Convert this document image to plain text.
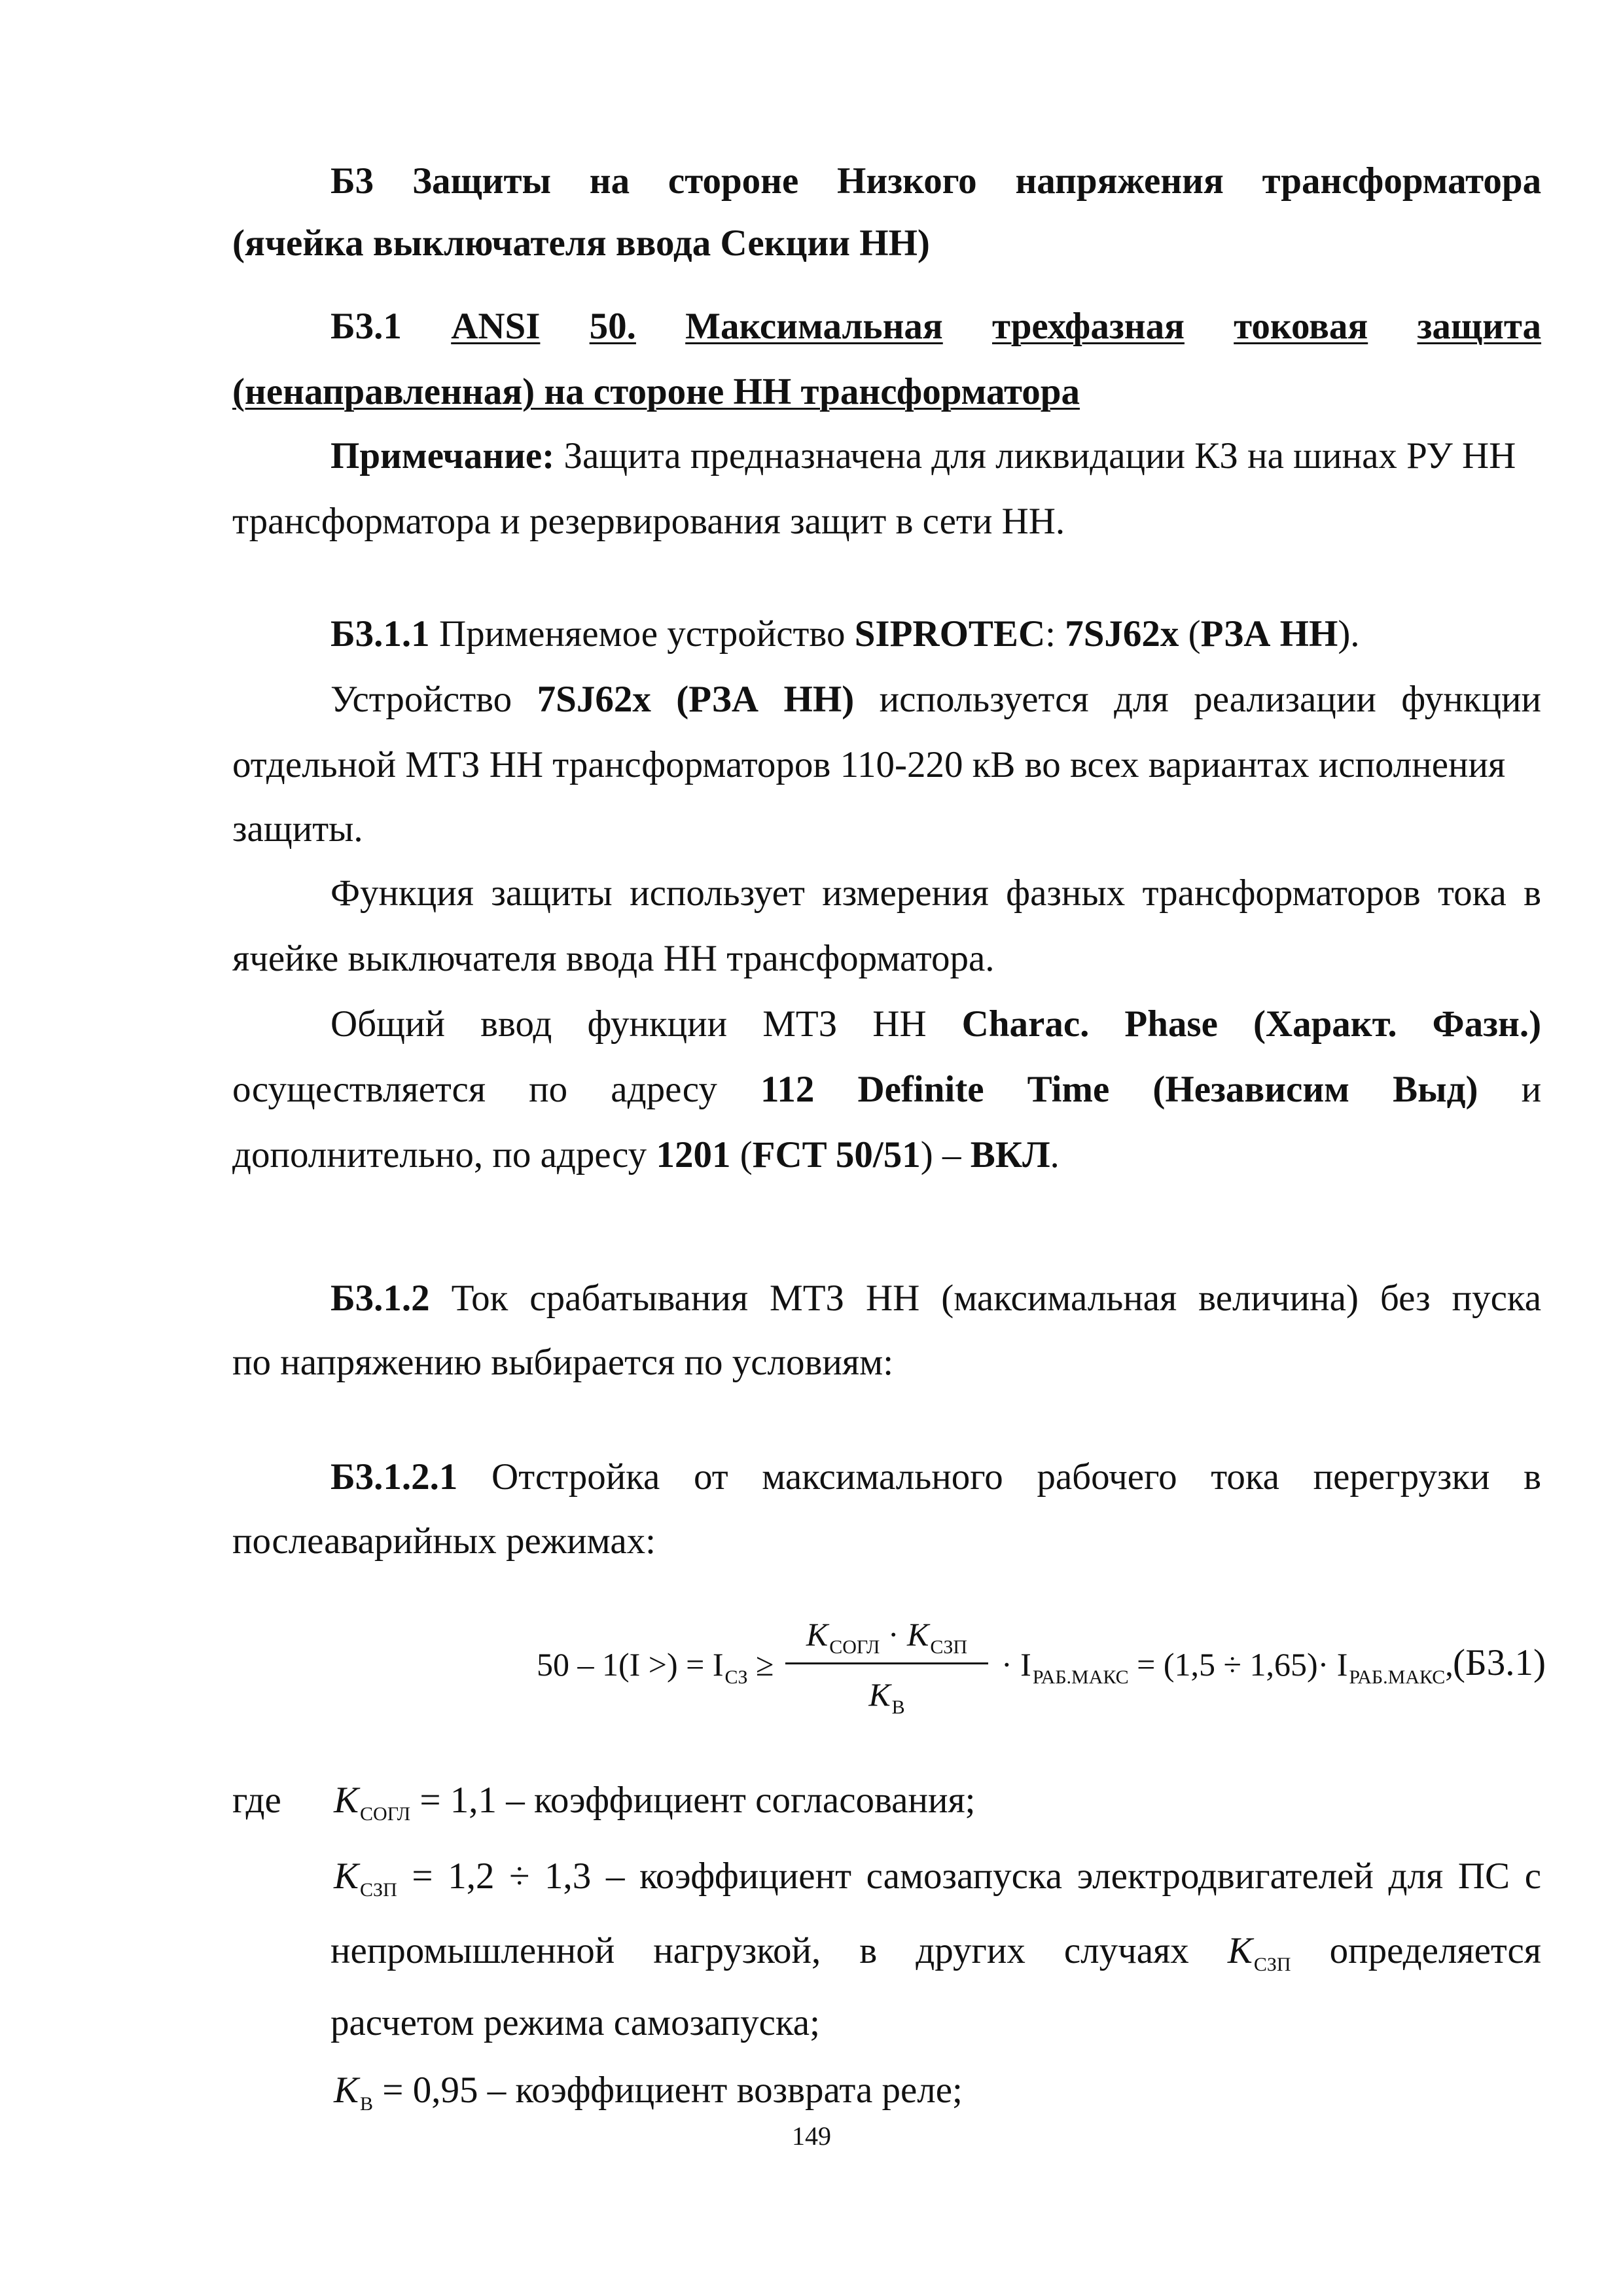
Б3 Защиты на стороне Низкого напряжения трансформатора
(ячейка выключателя ввода Секции НН)
Б3.1 ANSI 50. Максимальная трехфазная токовая защита
(ненаправленная) на стороне НН трансформатора
Примечание: Защита предназначена для ликвидации КЗ на шинах РУ НН
трансформатора и резервирования защит в сети НН.
Б3.1.1 Применяемое устройство SIPROTEC: 7SJ62x (РЗА НН).
Устройство 7SJ62x (РЗА НН) используется для реализации функции
отдельной МТЗ НН трансформаторов 110-220 кВ во всех вариантах исполнения
защиты.
Функция защиты использует измерения фазных трансформаторов тока в
ячейке выключателя ввода НН трансформатора.
Общий ввод функции МТЗ НН Charac. Phase (Характ. Фазн.)
осуществляется по адресу 112 Definite Time (Независим Выд) и
дополнительно, по адресу 1201 (FCT 50/51) – ВКЛ.
Б3.1.2 Ток срабатывания МТЗ НН (максимальная величина) без пуска
по напряжению выбирается по условиям:
Б3.1.2.1 Отстройка от максимального рабочего тока перегрузки в
послеаварийных режимах:
50 – 1(I >) = $I_{СЗ}$ ≥
$K_{СОГЛ} \cdot K_{СЗП}$
$K_В$
· $I_{РАБ.МАКС} = (1,5 \div 1,65)\cdot I_{РАБ.МАКС}$, (Б3.1)
где $K_{СОГЛ} = 1,1$ – коэффициент согласования;
$K_{СЗП} = 1,2 \div 1,3$ – коэффициент самозапуска электродвигателей для ПС с
непромышленной нагрузкой, в других случаях $K_{СЗП}$ определяется
расчетом режима самозапуска;
$K_В = 0,95$ – коэффициент возврата реле;
149
